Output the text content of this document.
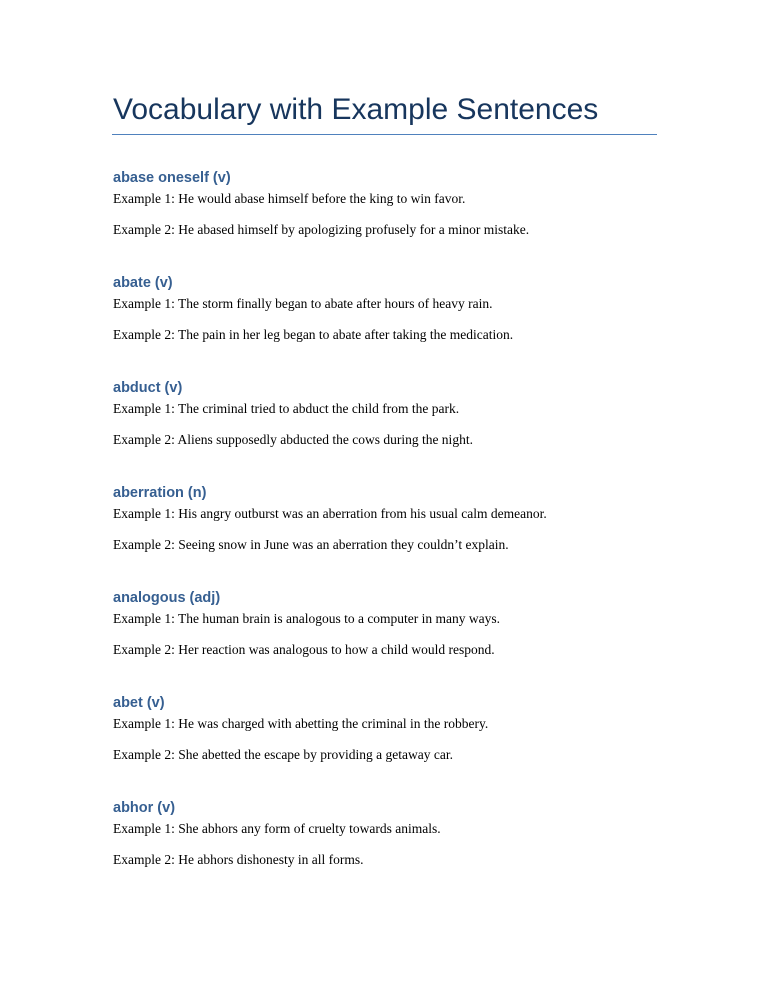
Vocabulary with Example Sentences
abase oneself (v)
Example 1: He would abase himself before the king to win favor.
Example 2: He abased himself by apologizing profusely for a minor mistake.
abate (v)
Example 1: The storm finally began to abate after hours of heavy rain.
Example 2: The pain in her leg began to abate after taking the medication.
abduct (v)
Example 1: The criminal tried to abduct the child from the park.
Example 2: Aliens supposedly abducted the cows during the night.
aberration (n)
Example 1: His angry outburst was an aberration from his usual calm demeanor.
Example 2: Seeing snow in June was an aberration they couldn’t explain.
analogous (adj)
Example 1: The human brain is analogous to a computer in many ways.
Example 2: Her reaction was analogous to how a child would respond.
abet (v)
Example 1: He was charged with abetting the criminal in the robbery.
Example 2: She abetted the escape by providing a getaway car.
abhor (v)
Example 1: She abhors any form of cruelty towards animals.
Example 2: He abhors dishonesty in all forms.
